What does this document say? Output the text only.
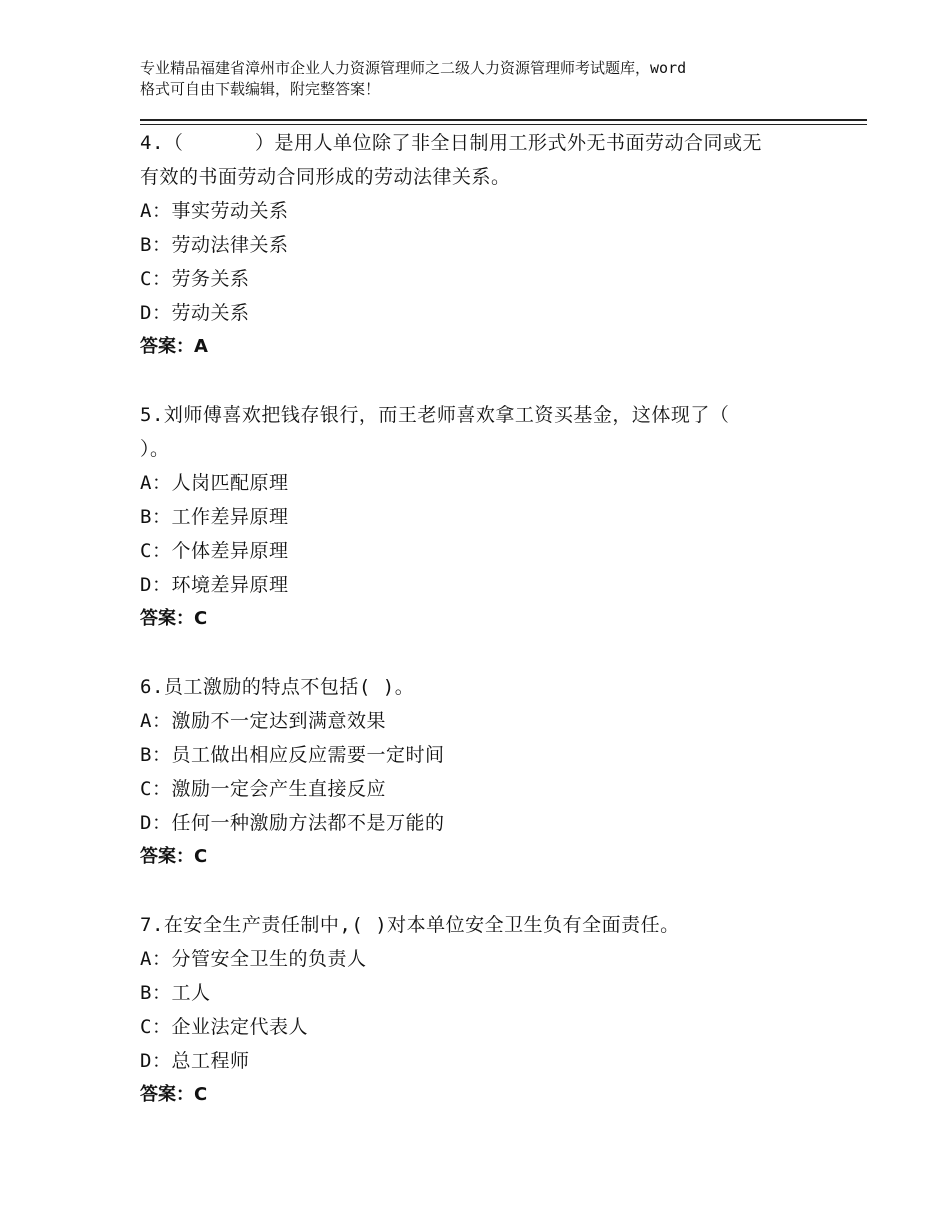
专业精品福建省漳州市企业人力资源管理师之二级人力资源管理师考试题库，word
格式可自由下载编辑，附完整答案！
4.（      ）是用人单位除了非全日制用工形式外无书面劳动合同或无
有效的书面劳动合同形成的劳动法律关系。
A：事实劳动关系
B：劳动法律关系
C：劳务关系
D：劳动关系
答案：A
5.刘师傅喜欢把钱存银行，而王老师喜欢拿工资买基金，这体现了（
）。
A：人岗匹配原理
B：工作差异原理
C：个体差异原理
D：环境差异原理
答案：C
6.员工激励的特点不包括( )。
A：激励不一定达到满意效果
B：员工做出相应反应需要一定时间
C：激励一定会产生直接反应
D：任何一种激励方法都不是万能的
答案：C
7.在安全生产责任制中,( )对本单位安全卫生负有全面责任。
A：分管安全卫生的负责人
B：工人
C：企业法定代表人
D：总工程师
答案：C
